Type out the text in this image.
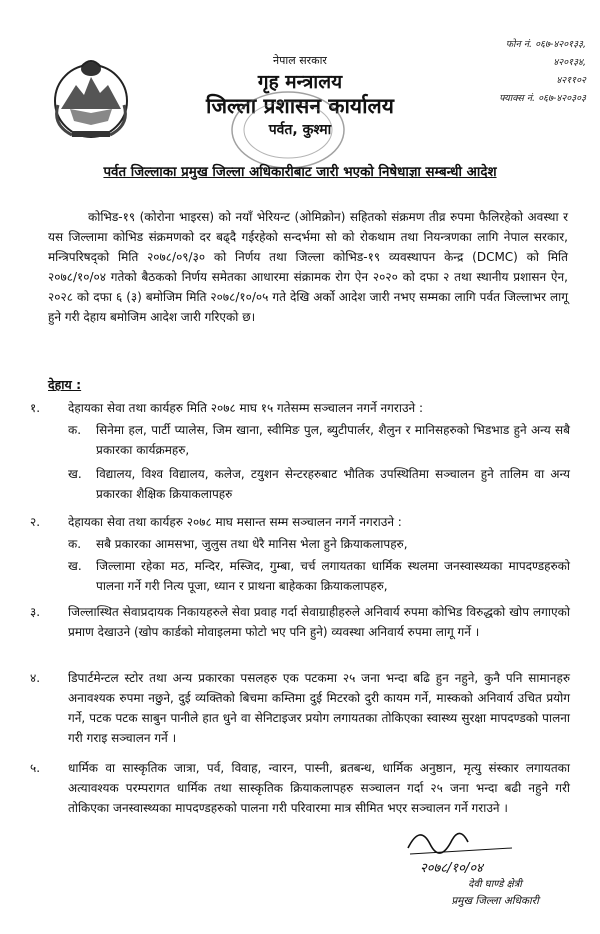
नेपाल सरकार
गृह मन्त्रालय
जिल्ला प्रशासन कार्यालय
पर्वत, कुश्मा
फोन नं. ०६७-४२०१३३,
४२०१३४,
४२११०२
फ्याक्स नं. ०६७-४२०३०३
पर्वत जिल्लाका प्रमुख जिल्ला अधिकारीबाट जारी भएको निषेधाज्ञा सम्बन्धी आदेश
कोभिड-१९ (कोरोना भाइरस) को नयाँ भेरियन्ट (ओमिक्रोन) सहितको संक्रमण तीव्र रुपमा फैलिरहेको अवस्था र यस जिल्लामा कोभिड संक्रमणको दर बढ्दै गईरहेको सन्दर्भमा सो को रोकथाम तथा नियन्त्रणका लागि नेपाल सरकार, मन्त्रिपरिषद्को मिति २०७८/०९/३० को निर्णय तथा जिल्ला कोभिड-१९ व्यवस्थापन केन्द्र (DCMC) को मिति २०७८/१०/०४ गतेको बैठकको निर्णय समेतका आधारमा संक्रामक रोग ऐन २०२० को दफा २ तथा स्थानीय प्रशासन ऐन, २०२८ को दफा ६ (३) बमोजिम मिति २०७८/१०/०५ गते देखि अर्को आदेश जारी नभए सम्मका लागि पर्वत जिल्लाभर लागू हुने गरी देहाय बमोजिम आदेश जारी गरिएको छ।
देहाय :
१.	देहायका सेवा तथा कार्यहरु मिति २०७८ माघ १५ गतेसम्म सञ्चालन नगर्ने नगराउने :
क. सिनेमा हल, पार्टी प्यालेस, जिम खाना, स्वीमिङ पुल, ब्युटीपार्लर, शैलुन र मानिसहरुको भिडभाड हुने अन्य सबै प्रकारका कार्यक्रमहरु,
ख. विद्यालय, विश्व विद्यालय, कलेज, टयुशन सेन्टरहरुबाट भौतिक उपस्थितिमा सञ्चालन हुने तालिम वा अन्य प्रकारका शैक्षिक क्रियाकलापहरु
२.	देहायका सेवा तथा कार्यहरु २०७८ माघ मसान्त सम्म सञ्चालन नगर्ने नगराउने :
क. सबै प्रकारका आमसभा, जुलुस तथा धेरै मानिस भेला हुने क्रियाकलापहरु,
ख. जिल्लामा रहेका मठ, मन्दिर, मस्जिद, गुम्बा, चर्च लगायतका धार्मिक स्थलमा जनस्वास्थ्यका मापदण्डहरुको पालना गर्ने गरी नित्य पूजा, ध्यान र प्राथना बाहेकका क्रियाकलापहरु,
३.	जिल्लास्थित सेवाप्रदायक निकायहरुले सेवा प्रवाह गर्दा सेवाग्राहीहरुले अनिवार्य रुपमा कोभिड विरुद्धको खोप लगाएको प्रमाण देखाउने (खोप कार्डको मोवाइलमा फोटो भए पनि हुने) व्यवस्था अनिवार्य रुपमा लागू गर्ने ।
४.	डिपार्टमेन्टल स्टोर तथा अन्य प्रकारका पसलहरु एक पटकमा २५ जना भन्दा बढि हुन नहुने, कुनै पनि सामानहरु अनावश्यक रुपमा नछुने, दुई व्यक्तिको बिचमा कम्तिमा दुई मिटरको दुरी कायम गर्ने, मास्कको अनिवार्य उचित प्रयोग गर्ने, पटक पटक साबुन पानीले हात धुने वा सेनिटाइजर प्रयोग लगायतका तोकिएका स्वास्थ्य सुरक्षा मापदण्डको पालना गरी गराइ सञ्चालन गर्ने ।
५.	धार्मिक वा सास्कृतिक जात्रा, पर्व, विवाह, न्वारन, पास्नी, ब्रतबन्ध, धार्मिक अनुष्ठान, मृत्यु संस्कार लगायतका अत्यावश्यक परम्परागत धार्मिक तथा सास्कृतिक क्रियाकलापहरु सञ्चालन गर्दा २५ जना भन्दा बढी नहुने गरी तोकिएका जनस्वास्थ्यका मापदण्डहरुको पालना गरी परिवारमा मात्र सीमित भएर सञ्चालन गर्ने गराउने ।
२०७८/१०/०४
देवी घाण्डे क्षेत्री
प्रमुख जिल्ला अधिकारी
